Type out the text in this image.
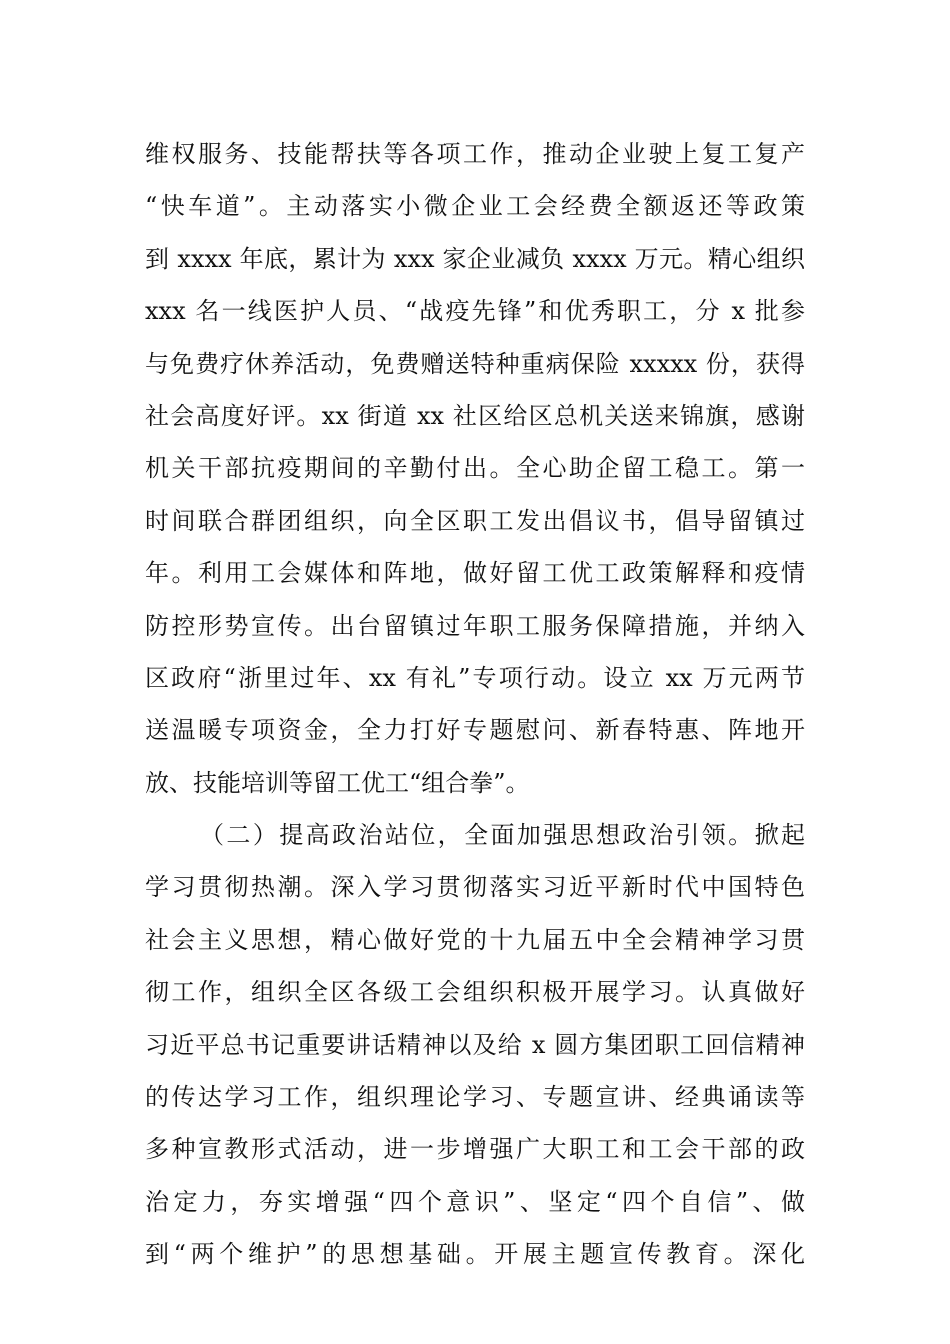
维权服务、技能帮扶等各项工作，推动企业驶上复工复产
“快车道”。主动落实小微企业工会经费全额返还等政策
到 xxxx 年底，累计为 xxx 家企业减负 xxxx 万元。精心组织
xxx 名一线医护人员、“战疫先锋”和优秀职工，分 x 批参
与免费疗休养活动，免费赠送特种重病保险 xxxxx 份，获得
社会高度好评。xx 街道 xx 社区给区总机关送来锦旗，感谢
机关干部抗疫期间的辛勤付出。全心助企留工稳工。第一
时间联合群团组织，向全区职工发出倡议书，倡导留镇过
年。利用工会媒体和阵地，做好留工优工政策解释和疫情
防控形势宣传。出台留镇过年职工服务保障措施，并纳入
区政府“浙里过年、xx 有礼”专项行动。设立 xx 万元两节
送温暖专项资金，全力打好专题慰问、新春特惠、阵地开
放、技能培训等留工优工“组合拳”。
（二）提高政治站位，全面加强思想政治引领。掀起
学习贯彻热潮。深入学习贯彻落实习近平新时代中国特色
社会主义思想，精心做好党的十九届五中全会精神学习贯
彻工作，组织全区各级工会组织积极开展学习。认真做好
习近平总书记重要讲话精神以及给 x 圆方集团职工回信精神
的传达学习工作，组织理论学习、专题宣讲、经典诵读等
多种宣教形式活动，进一步增强广大职工和工会干部的政
治定力，夯实增强“四个意识”、坚定“四个自信”、做
到“两个维护”的思想基础。开展主题宣传教育。深化
